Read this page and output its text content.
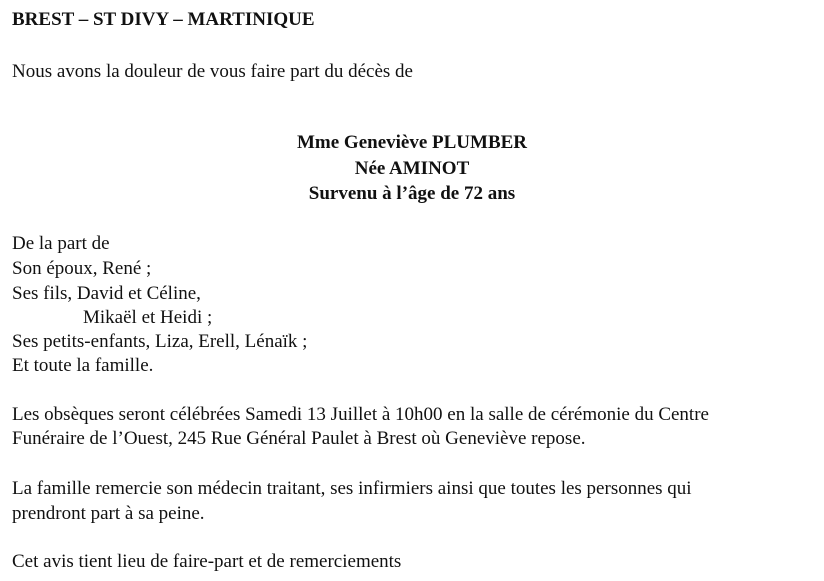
BREST – ST DIVY – MARTINIQUE
Nous avons la douleur de vous faire part du décès de
Mme Geneviève PLUMBER
Née AMINOT
Survenu à l’âge de 72 ans
De la part de
Son époux, René ;
Ses fils, David et Céline,
Mikaël et Heidi ;
Ses petits-enfants, Liza, Erell, Lénaïk ;
Et toute la famille.
Les obsèques seront célébrées Samedi 13 Juillet à 10h00 en la salle de cérémonie du Centre
Funéraire de l’Ouest, 245 Rue Général Paulet à Brest où Geneviève repose.
La famille remercie son médecin traitant, ses infirmiers ainsi que toutes les personnes qui
prendront part à sa peine.
Cet avis tient lieu de faire-part et de remerciements
